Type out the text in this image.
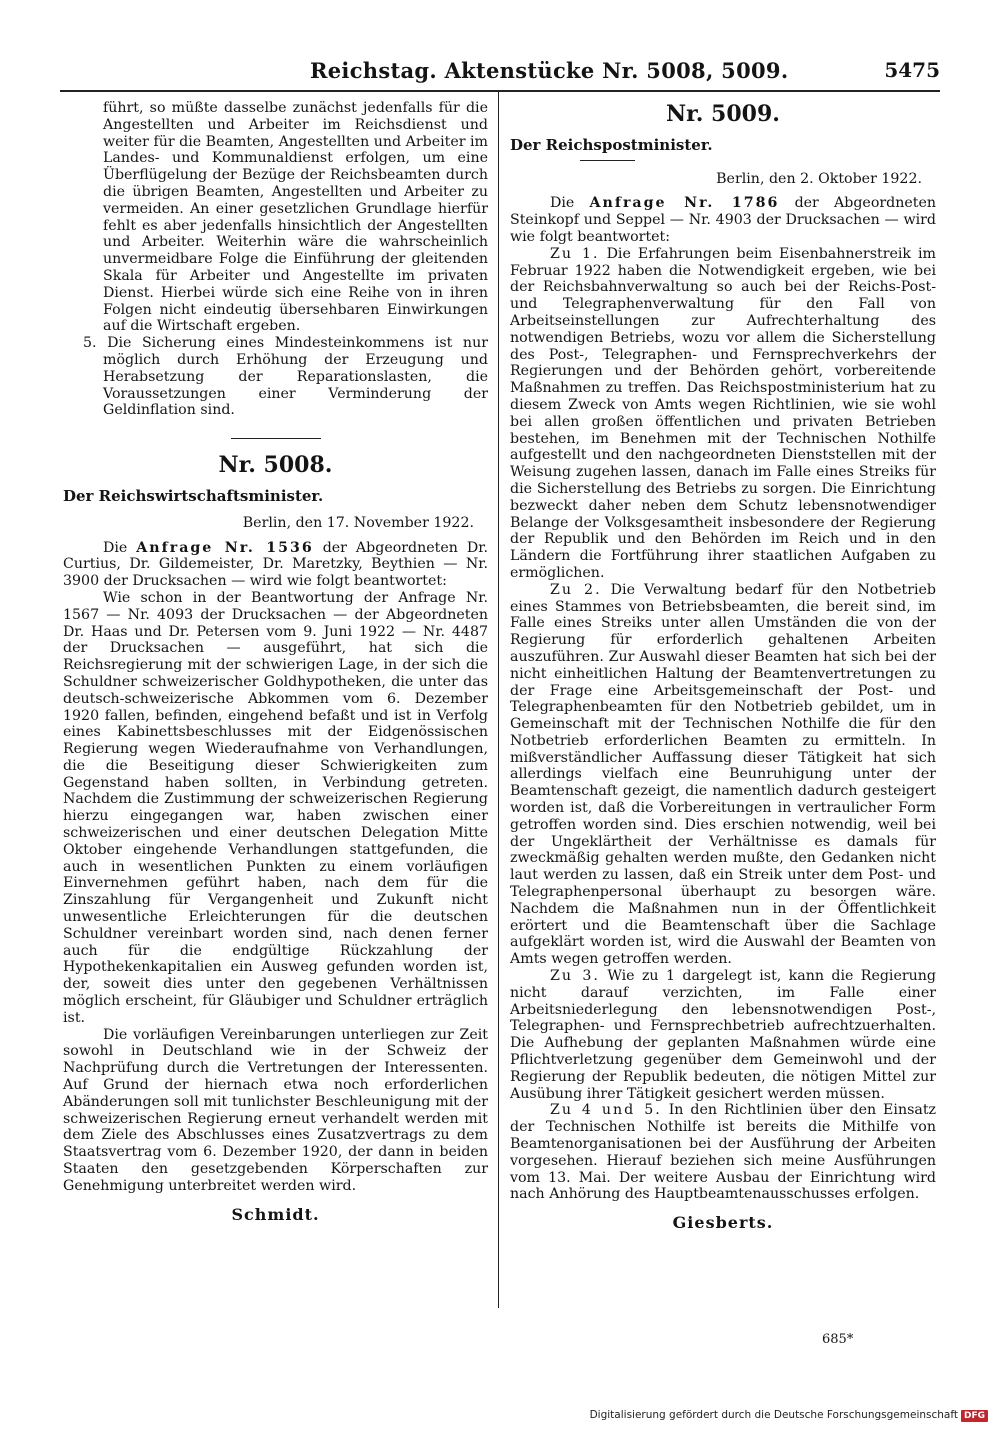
Reichstag. Aktenstücke Nr. 5008, 5009.	5475

führt, so müßte dasselbe zunächst jedenfalls für die Angestellten und Arbeiter im Reichsdienst und weiter für die Beamten, Angestellten und Arbeiter im Landes- und Kommunaldienst erfolgen, um eine Überflügelung der Bezüge der Reichsbeamten durch die übrigen Beamten, Angestellten und Arbeiter zu vermeiden. An einer gesetzlichen Grundlage hierfür fehlt es aber jedenfalls hinsichtlich der Angestellten und Arbeiter. Weiterhin wäre die wahrscheinlich unvermeidbare Folge die Einführung der gleitenden Skala für Arbeiter und Angestellte im privaten Dienst. Hierbei würde sich eine Reihe von in ihren Folgen nicht eindeutig übersehbaren Einwirkungen auf die Wirtschaft ergeben.

5. Die Sicherung eines Mindesteinkommens ist nur möglich durch Erhöhung der Erzeugung und Herabsetzung der Reparationslasten, die Voraussetzungen einer Verminderung der Geldinflation sind.

Nr. 5008.
Der Reichswirtschaftsminister.
Berlin, den 17. November 1922.

Die Anfrage Nr. 1536 der Abgeordneten Dr. Curtius, Dr. Gildemeister, Dr. Maretzky, Beythien — Nr. 3900 der Drucksachen — wird wie folgt beantwortet:

Wie schon in der Beantwortung der Anfrage Nr. 1567 — Nr. 4093 der Drucksachen — der Abgeordneten Dr. Haas und Dr. Petersen vom 9. Juni 1922 — Nr. 4487 der Drucksachen — ausgeführt, hat sich die Reichsregierung mit der schwierigen Lage, in der sich die Schuldner schweizerischer Goldhypotheken, die unter das deutsch-schweizerische Abkommen vom 6. Dezember 1920 fallen, befinden, eingehend befaßt und ist in Verfolg eines Kabinettsbeschlusses mit der Eidgenössischen Regierung wegen Wiederaufnahme von Verhandlungen, die die Beseitigung dieser Schwierigkeiten zum Gegenstand haben sollten, in Verbindung getreten. Nachdem die Zustimmung der schweizerischen Regierung hierzu eingegangen war, haben zwischen einer schweizerischen und einer deutschen Delegation Mitte Oktober eingehende Verhandlungen stattgefunden, die auch in wesentlichen Punkten zu einem vorläufigen Einvernehmen geführt haben, nach dem für die Zinszahlung für Vergangenheit und Zukunft nicht unwesentliche Erleichterungen für die deutschen Schuldner vereinbart worden sind, nach denen ferner auch für die endgültige Rückzahlung der Hypothekenkapitalien ein Ausweg gefunden worden ist, der, soweit dies unter den gegebenen Verhältnissen möglich erscheint, für Gläubiger und Schuldner erträglich ist.

Die vorläufigen Vereinbarungen unterliegen zur Zeit sowohl in Deutschland wie in der Schweiz der Nachprüfung durch die Vertretungen der Interessenten. Auf Grund der hiernach etwa noch erforderlichen Abänderungen soll mit tunlichster Beschleunigung mit der schweizerischen Regierung erneut verhandelt werden mit dem Ziele des Abschlusses eines Zusatzvertrags zu dem Staatsvertrag vom 6. Dezember 1920, der dann in beiden Staaten den gesetzgebenden Körperschaften zur Genehmigung unterbreitet werden wird.

Schmidt.
Nr. 5009.
Der Reichspostminister.
Berlin, den 2. Oktober 1922.

Die Anfrage Nr. 1786 der Abgeordneten Steinkopf und Seppel — Nr. 4903 der Drucksachen — wird wie folgt beantwortet:

Zu 1. Die Erfahrungen beim Eisenbahnerstreik im Februar 1922 haben die Notwendigkeit ergeben, wie bei der Reichsbahnverwaltung so auch bei der Reichs-Post- und Telegraphenverwaltung für den Fall von Arbeitseinstellungen zur Aufrechterhaltung des notwendigen Betriebs, wozu vor allem die Sicherstellung des Post-, Telegraphen- und Fernsprechverkehrs der Regierungen und der Behörden gehört, vorbereitende Maßnahmen zu treffen. Das Reichspostministerium hat zu diesem Zweck von Amts wegen Richtlinien, wie sie wohl bei allen großen öffentlichen und privaten Betrieben bestehen, im Benehmen mit der Technischen Nothilfe aufgestellt und den nachgeordneten Dienststellen mit der Weisung zugehen lassen, danach im Falle eines Streiks für die Sicherstellung des Betriebs zu sorgen. Die Einrichtung bezweckt daher neben dem Schutz lebensnotwendiger Belange der Volksgesamtheit insbesondere der Regierung der Republik und den Behörden im Reich und in den Ländern die Fortführung ihrer staatlichen Aufgaben zu ermöglichen.

Zu 2. Die Verwaltung bedarf für den Notbetrieb eines Stammes von Betriebsbeamten, die bereit sind, im Falle eines Streiks unter allen Umständen die von der Regierung für erforderlich gehaltenen Arbeiten auszuführen. Zur Auswahl dieser Beamten hat sich bei der nicht einheitlichen Haltung der Beamtenvertretungen zu der Frage eine Arbeitsgemeinschaft der Post- und Telegraphenbeamten für den Notbetrieb gebildet, um in Gemeinschaft mit der Technischen Nothilfe die für den Notbetrieb erforderlichen Beamten zu ermitteln. In mißverständlicher Auffassung dieser Tätigkeit hat sich allerdings vielfach eine Beunruhigung unter der Beamtenschaft gezeigt, die namentlich dadurch gesteigert worden ist, daß die Vorbereitungen in vertraulicher Form getroffen worden sind. Dies erschien notwendig, weil bei der Ungeklärtheit der Verhältnisse es damals für zweckmäßig gehalten werden mußte, den Gedanken nicht laut werden zu lassen, daß ein Streik unter dem Post- und Telegraphenpersonal überhaupt zu besorgen wäre. Nachdem die Maßnahmen nun in der Öffentlichkeit erörtert und die Beamtenschaft über die Sachlage aufgeklärt worden ist, wird die Auswahl der Beamten von Amts wegen getroffen werden.

Zu 3. Wie zu 1 dargelegt ist, kann die Regierung nicht darauf verzichten, im Falle einer Arbeitsniederlegung den lebensnotwendigen Post-, Telegraphen- und Fernsprechbetrieb aufrechtzuerhalten. Die Aufhebung der geplanten Maßnahmen würde eine Pflichtverletzung gegenüber dem Gemeinwohl und der Regierung der Republik bedeuten, die nötigen Mittel zur Ausübung ihrer Tätigkeit gesichert werden müssen.

Zu 4 und 5. In den Richtlinien über den Einsatz der Technischen Nothilfe ist bereits die Mithilfe von Beamtenorganisationen bei der Ausführung der Arbeiten vorgesehen. Hierauf beziehen sich meine Ausführungen vom 13. Mai. Der weitere Ausbau der Einrichtung wird nach Anhörung des Hauptbeamtenausschusses erfolgen.

Giesberts.
685*
Digitalisierung gefördert durch die Deutsche Forschungsgemeinschaft DFG
